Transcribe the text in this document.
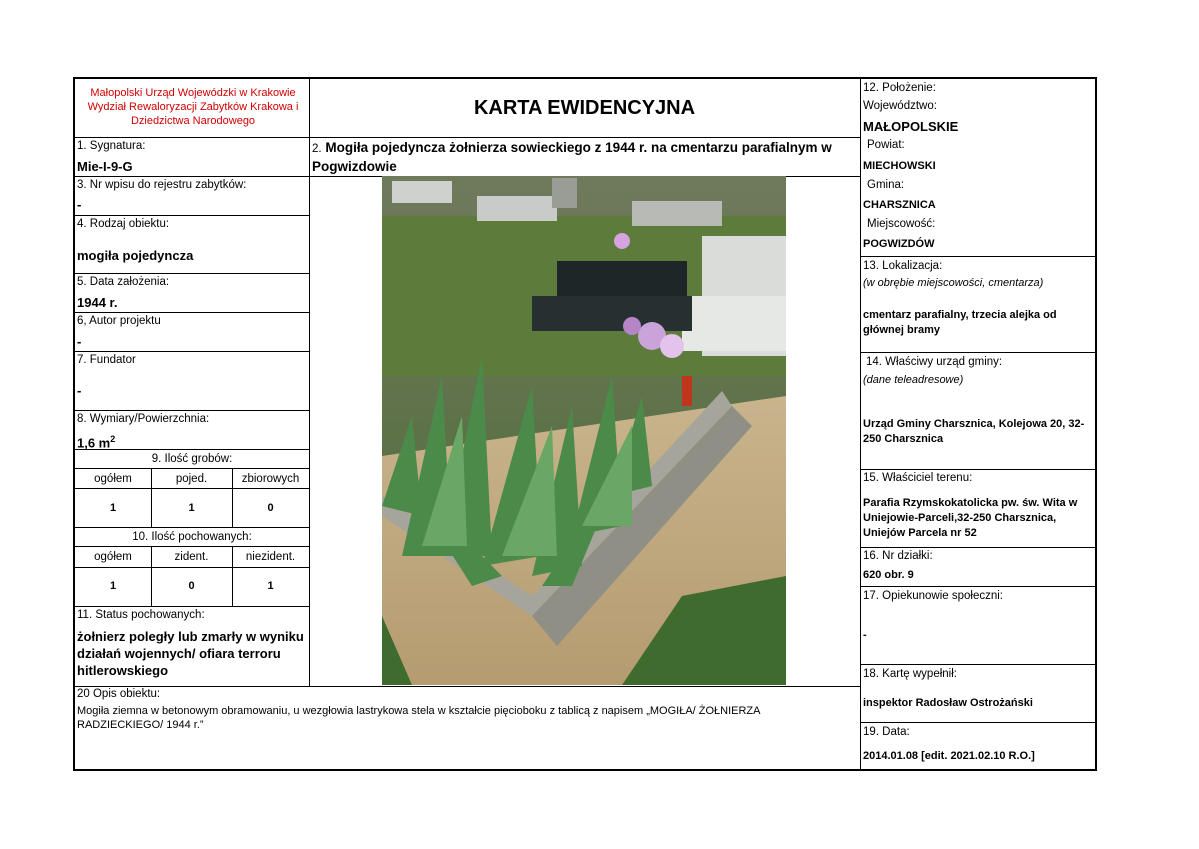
Małopolski Urząd Wojewódzki w Krakowie Wydział Rewaloryzacji Zabytków Krakowa i Dziedzictwa Narodowego
KARTA EWIDENCYJNA
1. Sygnatura:
Mie-I-9-G
2. Mogiła pojedyncza żołnierza sowieckiego z 1944 r. na cmentarzu parafialnym w Pogwizdowie
3. Nr wpisu do rejestru zabytków:
-
4. Rodzaj obiektu:
mogiła pojedyncza
5. Data założenia:
1944 r.
6, Autor projektu
-
7. Fundator
-
8. Wymiary/Powierzchnia:
1,6 $m^2$
9. Ilość grobów:
ogółem	pojed.	zbiorowych
1	1	0
10. Ilość pochowanych:
ogółem	zident.	niezident.
1	0	1
11. Status pochowanych:
żołnierz poległy lub zmarły w wyniku działań wojennych/ ofiara terroru hitlerowskiego
20 Opis obiektu:
Mogiła ziemna w betonowym obramowaniu, u wezgłowia lastrykowa stela w kształcie pięcioboku z tablicą z napisem „MOGIŁA/ ŻOŁNIERZA RADZIECKIEGO/ 1944 r.”
12. Położenie:
Województwo:
MAŁOPOLSKIE
Powiat:
MIECHOWSKI
Gmina:
CHARSZNICA
Miejscowość:
POGWIZDÓW
13. Lokalizacja:
(w obrębie miejscowości, cmentarza)
cmentarz parafialny, trzecia alejka od głównej bramy
14. Właściwy urząd gminy:
(dane teleadresowe)
Urząd Gminy Charsznica, Kolejowa 20, 32-250 Charsznica
15. Właściciel terenu:
Parafia Rzymskokatolicka pw. św. Wita w Uniejowie-Parceli,32-250 Charsznica, Uniejów Parcela nr 52
16. Nr działki:
620 obr. 9
17. Opiekunowie społeczni:
-
18. Kartę wypełnił:
inspektor Radosław Ostrożański
19. Data:
2014.01.08 [edit. 2021.02.10 R.O.]
